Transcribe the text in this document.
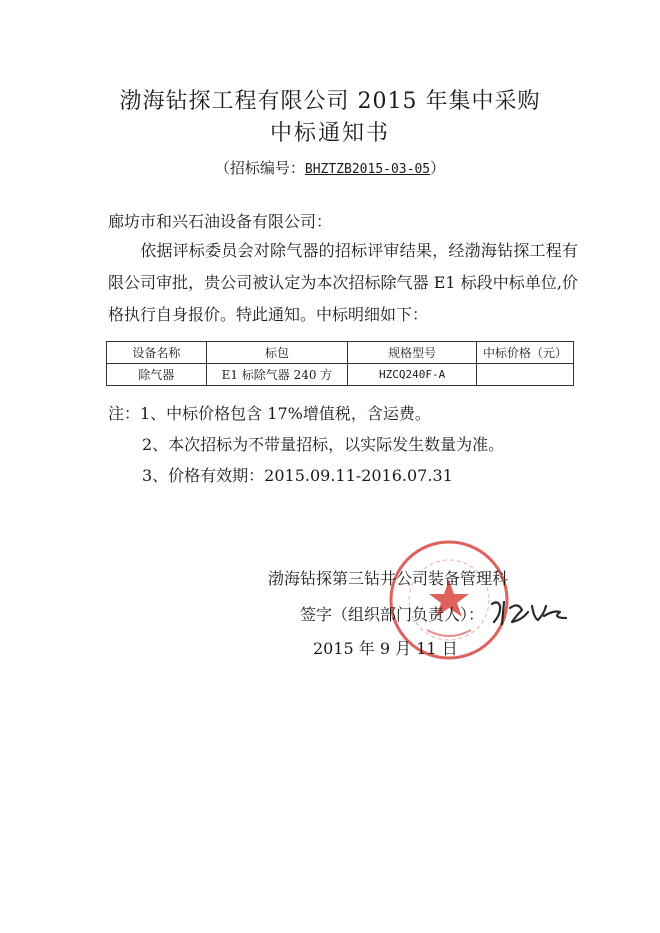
渤海钻探工程有限公司 2015 年集中采购
中标通知书
（招标编号：BHZTZB2015-03-05）
廊坊市和兴石油设备有限公司：
依据评标委员会对除气器的招标评审结果，经渤海钻探工程有限公司审批，贵公司被认定为本次招标除气器 E1 标段中标单位,价格执行自身报价。特此通知。中标明细如下：
设备名称	标包	规格型号	中标价格（元）
除气器	E1 标除气器 240 方	HZCQ240F-A	
注：1、中标价格包含 17%增值税，含运费。
2、本次招标为不带量招标，以实际发生数量为准。
3、价格有效期：2015.09.11-2016.07.31
渤海钻探第三钻井公司装备管理科
签字（组织部门负责人）：
2015 年 9 月 11 日
